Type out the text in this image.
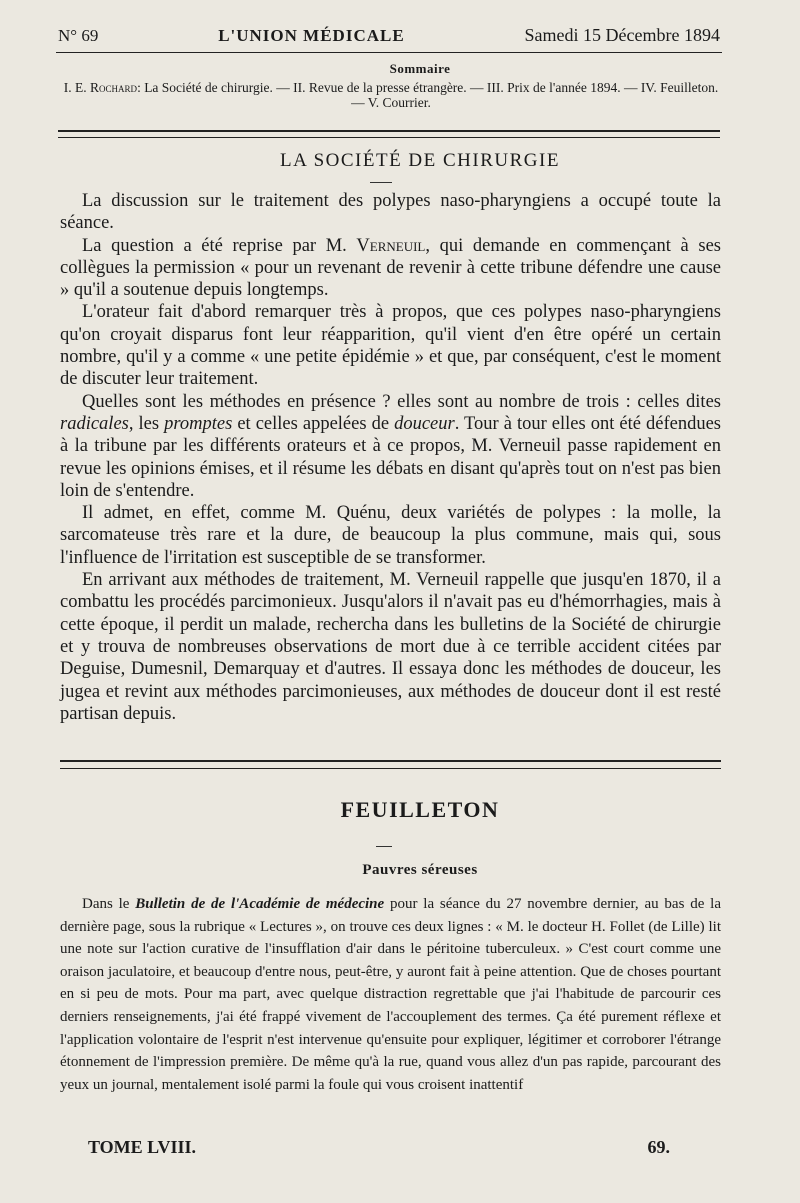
N° 69	L'UNION MÉDICALE	Samedi 15 Décembre 1894
Sommaire
I. E. Rochard: La Société de chirurgie. — II. Revue de la presse étrangère. — III. Prix de l'année 1894. — IV. Feuilleton. — V. Courrier.
LA SOCIÉTÉ DE CHIRURGIE

La discussion sur le traitement des polypes naso-pharyngiens a occupé toute la séance.

La question a été reprise par M. Verneuil, qui demande en commençant à ses collègues la permission « pour un revenant de revenir à cette tribune défendre une cause » qu'il a soutenue depuis longtemps.

L'orateur fait d'abord remarquer très à propos, que ces polypes naso-pharyngiens qu'on croyait disparus font leur réapparition, qu'il vient d'en être opéré un certain nombre, qu'il y a comme « une petite épidémie » et que, par conséquent, c'est le moment de discuter leur traitement.

Quelles sont les méthodes en présence ? elles sont au nombre de trois : celles dites radicales, les promptes et celles appelées de douceur. Tour à tour elles ont été défendues à la tribune par les différents orateurs et à ce propos, M. Verneuil passe rapidement en revue les opinions émises, et il résume les débats en disant qu'après tout on n'est pas bien loin de s'entendre.

Il admet, en effet, comme M. Quénu, deux variétés de polypes : la molle, la sarcomateuse très rare et la dure, de beaucoup la plus commune, mais qui, sous l'influence de l'irritation est susceptible de se transformer.

En arrivant aux méthodes de traitement, M. Verneuil rappelle que jusqu'en 1870, il a combattu les procédés parcimonieux. Jusqu'alors il n'avait pas eu d'hémorrhagies, mais à cette époque, il perdit un malade, recherchа dans les bulletins de la Société de chirurgie et y trouva de nombreuses observations de mort due à ce terrible accident citées par Deguise, Dumesnil, Demarquay et d'autres. Il essaya donc les méthodes de douceur, les jugea et revint aux méthodes parcimonieuses, aux méthodes de douceur dont il est resté partisan depuis.

FEUILLETON
Pauvres séreuses

Dans le Bulletin de de l'Académie de médecine pour la séance du 27 novembre dernier, au bas de la dernière page, sous la rubrique « Lectures », on trouve ces deux lignes : « M. le docteur H. Follet (de Lille) lit une note sur l'action curative de l'insufflation d'air dans le péritoine tuberculeux. » C'est court comme une oraison jaculatoire, et beaucoup d'entre nous, peut-être, y auront fait à peine attention. Que de choses pourtant en si peu de mots. Pour ma part, avec quelque distraction regrettable que j'ai l'habitude de parcourir ces derniers renseignements, j'ai été frappé vivement de l'accouplement des termes. Ça été purement réflexe et l'application volontaire de l'esprit n'est intervenue qu'ensuite pour expliquer, légitimer et corroborer l'étrange étonnement de l'impression première. De même qu'à la rue, quand vous allez d'un pas rapide, parcourant des yeux un journal, mentalement isolé parmi la foule qui vous croisent inattentif

TOME LVIII.	69.
